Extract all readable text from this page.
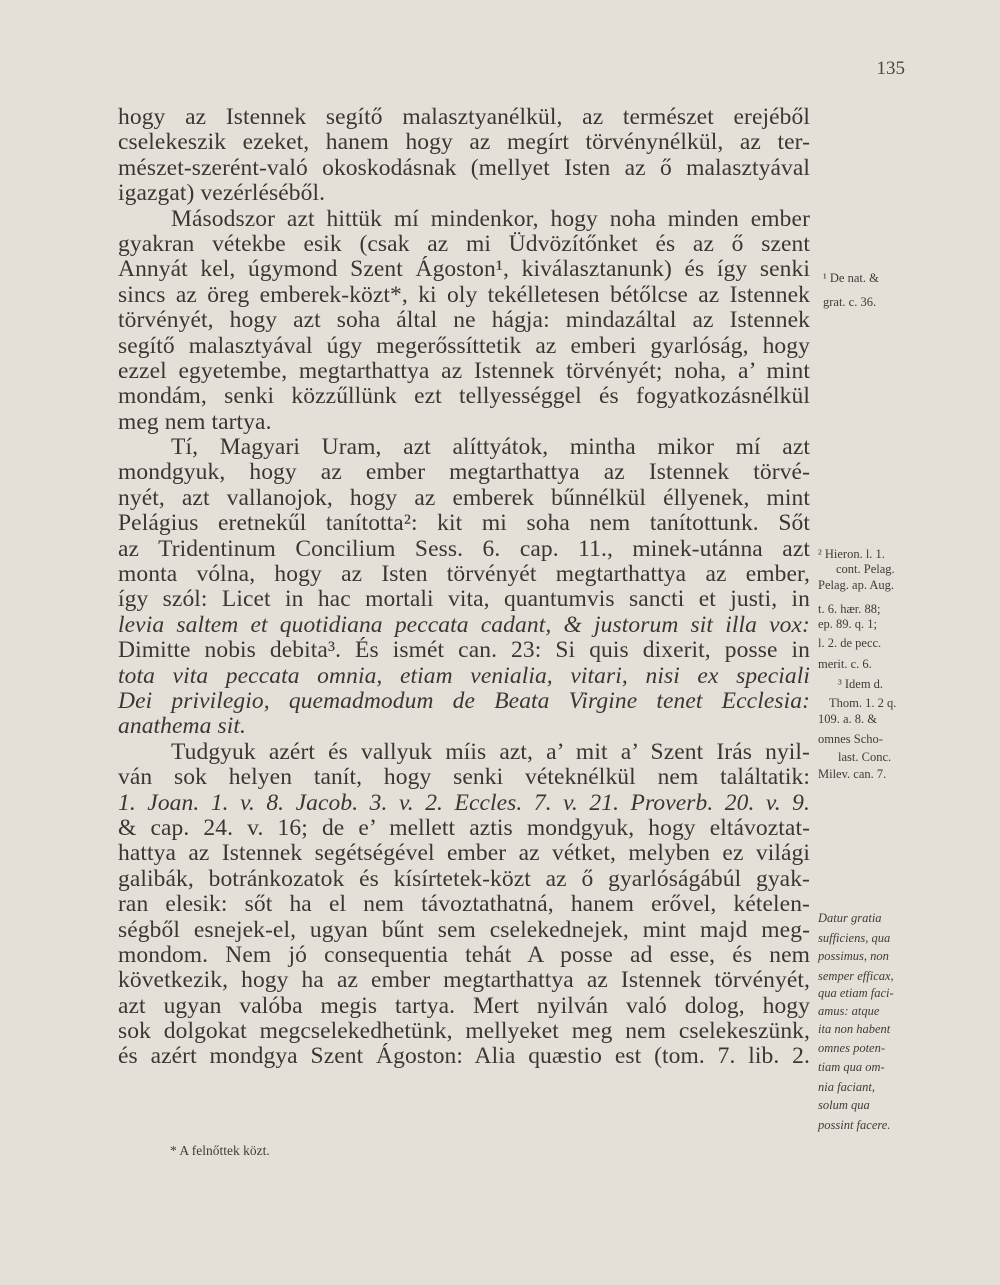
135
hogy az Istennek segítő malasztyanélkül, az természet erejéből
cselekeszik ezeket, hanem hogy az megírt törvénynélkül, az ter-
mészet-szerént-való okoskodásnak (mellyet Isten az ő malasztyával
igazgat) vezérléséből.
Másodszor azt hittük mí mindenkor, hogy noha minden ember
gyakran vétekbe esik (csak az mi Üdvözítőnket és az ő szent
Annyát kel, úgymond Szent Ágoston¹, kiválasztanunk) és így senki
sincs az öreg emberek-közt*, ki oly tekélletesen bétőlcse az Istennek
törvényét, hogy azt soha által ne hágja: mindazáltal az Istennek
segítő malasztyával úgy megerőssíttetik az emberi gyarlóság, hogy
ezzel egyetembe, megtarthattya az Istennek törvényét; noha, a’ mint
mondám, senki közzűllünk ezt tellyességgel és fogyatkozásnélkül
meg nem tartya.
Tí, Magyari Uram, azt alíttyátok, mintha mikor mí azt
mondgyuk, hogy az ember megtarthattya az Istennek törvé-
nyét, azt vallanojok, hogy az emberek bűnnélkül éllyenek, mint
Pelágius eretnekűl tanította²: kit mi soha nem tanítottunk. Sőt
az Tridentinum Concilium Sess. 6. cap. 11., minek-utánna azt
monta vólna, hogy az Isten törvényét megtarthattya az ember,
így szól: Licet in hac mortali vita, quantumvis sancti et justi, in
levia saltem et quotidiana peccata cadant, & justorum sit illa vox:
Dimitte nobis debita³. És ismét can. 23: Si quis dixerit, posse in
tota vita peccata omnia, etiam venialia, vitari, nisi ex speciali
Dei privilegio, quemadmodum de Beata Virgine tenet Ecclesia:
anathema sit.
Tudgyuk azért és vallyuk míis azt, a’ mit a’ Szent Irás nyil-
ván sok helyen tanít, hogy senki véteknélkül nem találtatik:
1. Joan. 1. v. 8. Jacob. 3. v. 2. Eccles. 7. v. 21. Proverb. 20. v. 9.
& cap. 24. v. 16; de e’ mellett aztis mondgyuk, hogy eltávoztat-
hattya az Istennek segétségével ember az vétket, melyben ez világi
galibák, botránkozatok és kísírtetek-közt az ő gyarlóságábúl gyak-
ran elesik: sőt ha el nem távoztathatná, hanem erővel, kételen-
ségből esnejek-el, ugyan bűnt sem cselekednejek, mint majd meg-
mondom. Nem jó consequentia tehát A posse ad esse, és nem
következik, hogy ha az ember megtarthattya az Istennek törvényét,
azt ugyan valóba megis tartya. Mert nyilván való dolog, hogy
sok dolgokat megcselekedhetünk, mellyeket meg nem cselekeszünk,
és azért mondgya Szent Ágoston: Alia quæstio est (tom. 7. lib. 2.
¹ De nat. &
grat. c. 36.
² Hieron. l. 1.
cont. Pelag.
Pelag. ap. Aug.
t. 6. hær. 88;
ep. 89. q. 1;
l. 2. de pecc.
merit. c. 6.
³ Idem d.
Thom. 1. 2 q.
109. a. 8. &
omnes Scho-
last. Conc.
Milev. can. 7.
Datur gratia
sufficiens, qua
possimus, non
semper efficax,
qua etiam faci-
amus: atque
ita non habent
omnes poten-
tiam qua om-
nia faciant,
solum qua
possint facere.
* A felnőttek közt.
